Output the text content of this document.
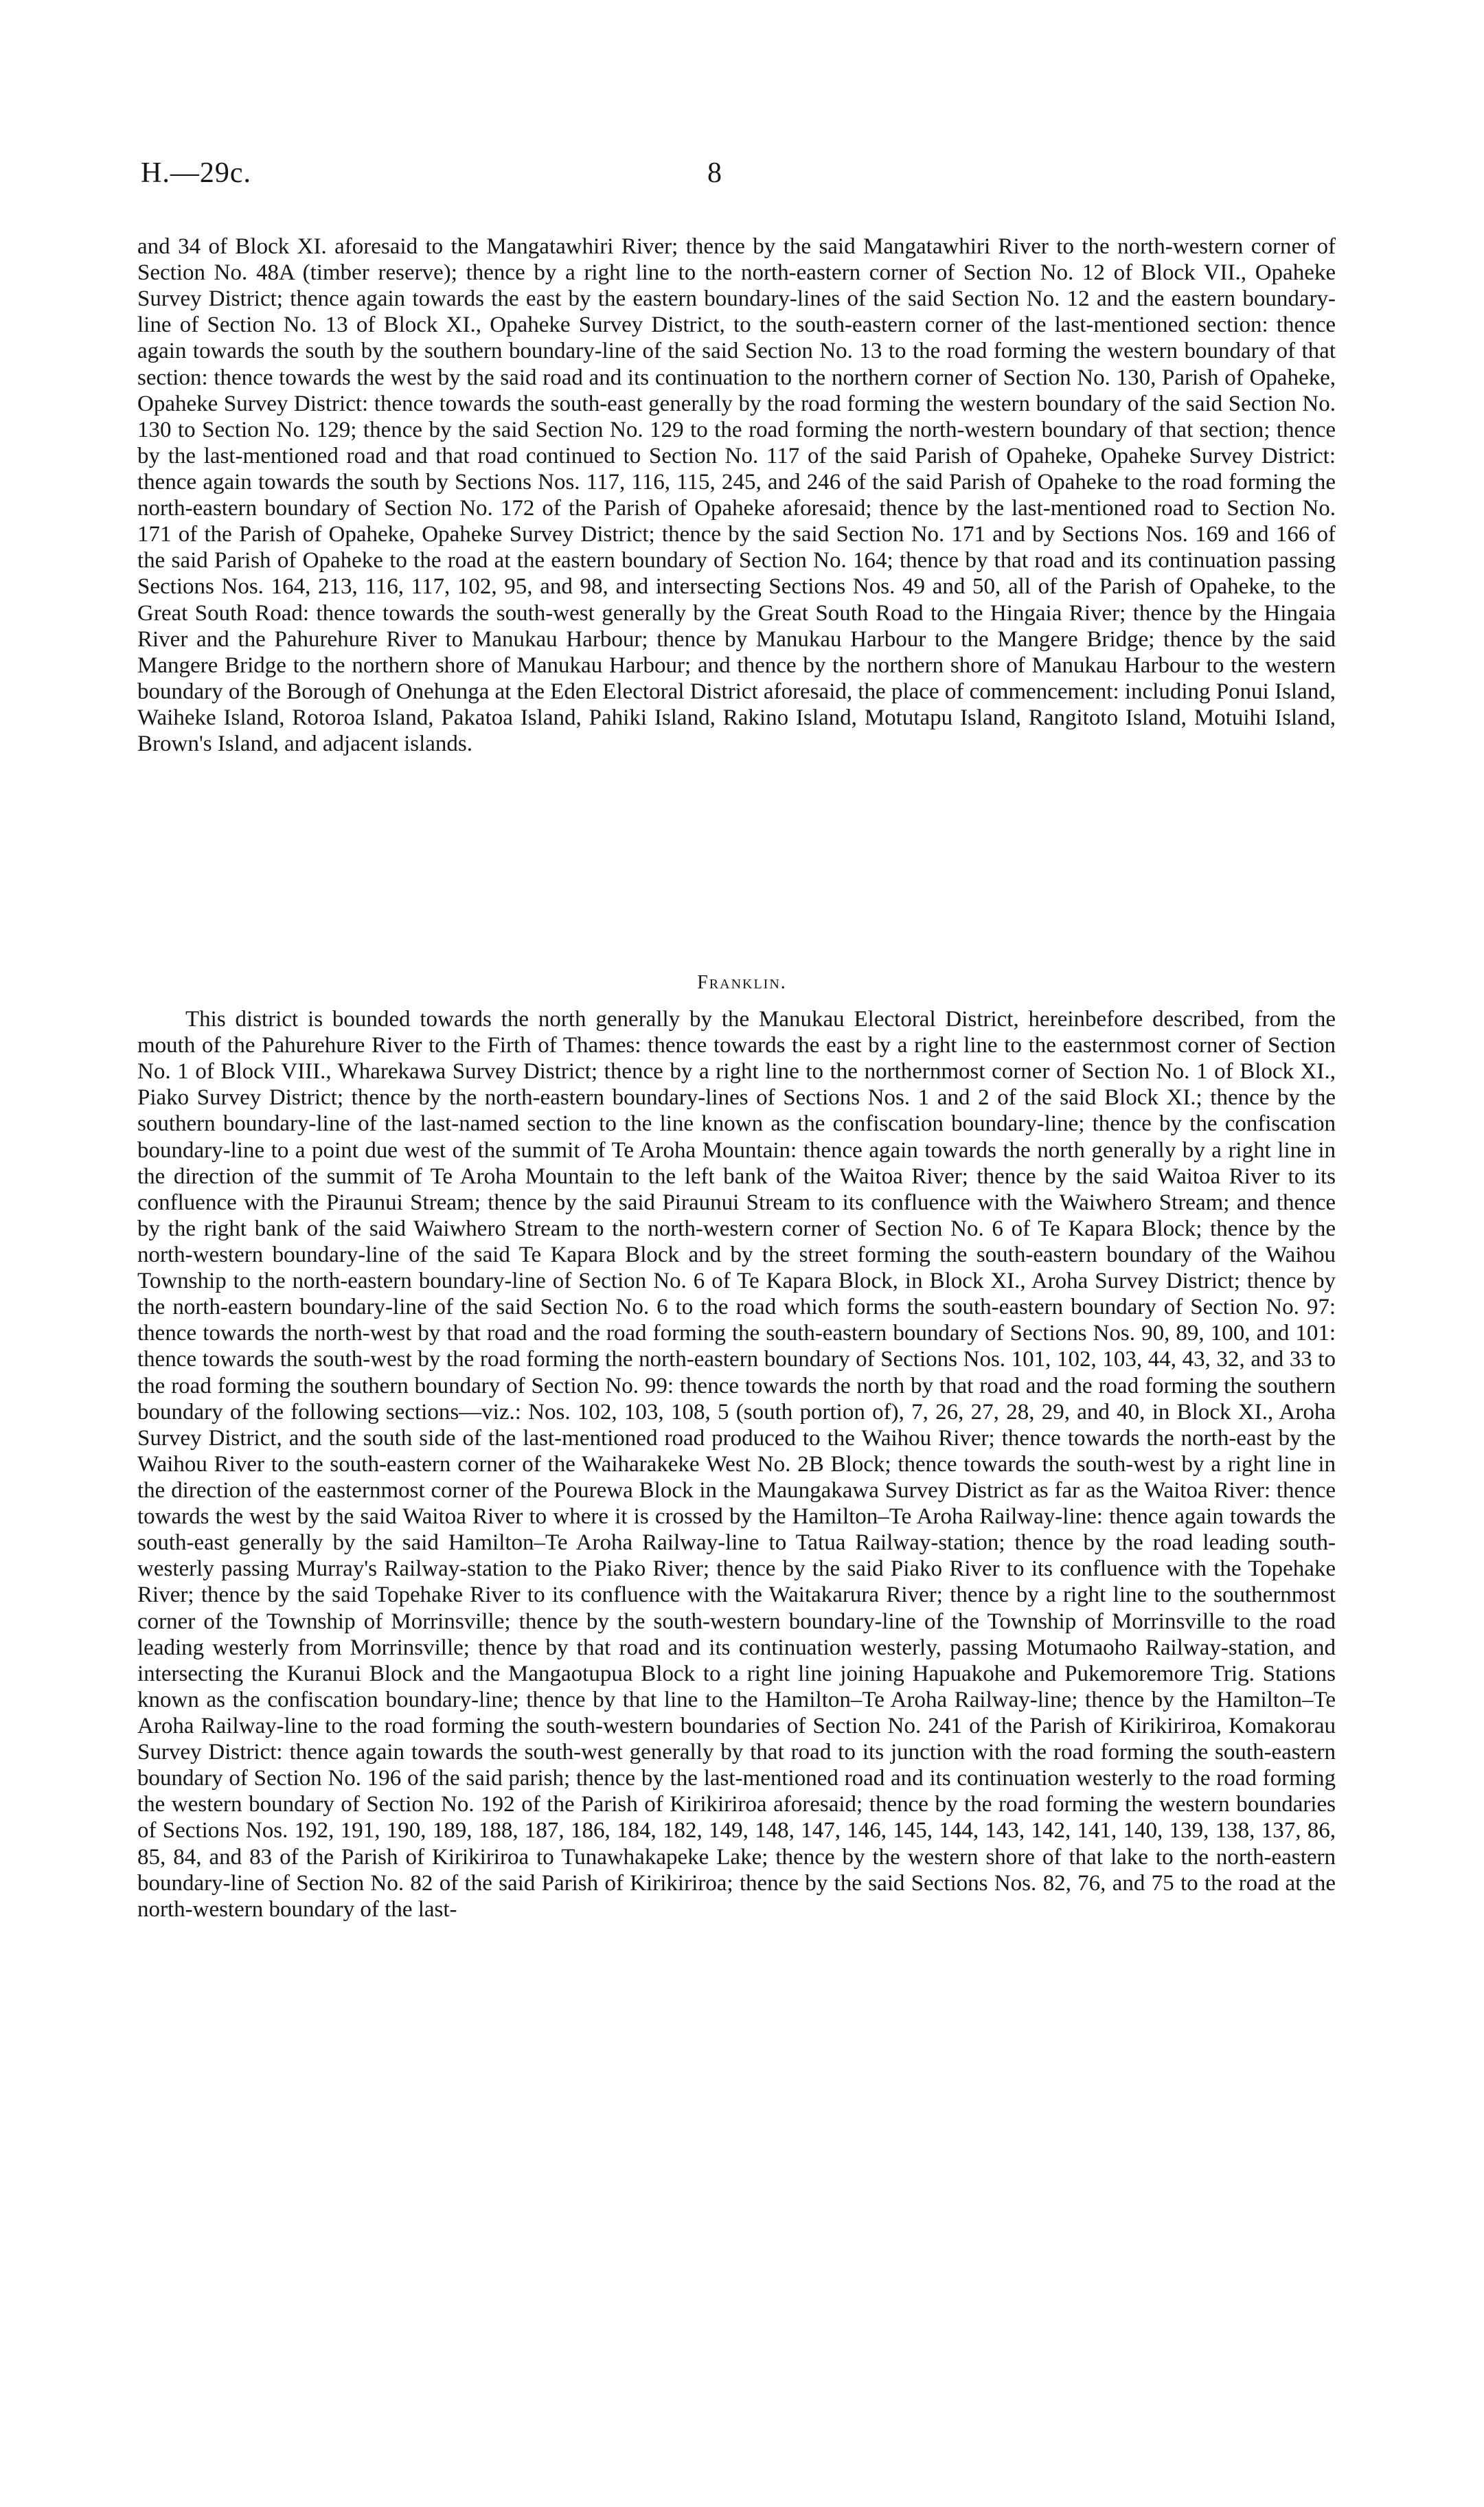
H.—29c.	8
and 34 of Block XI. aforesaid to the Mangatawhiri River; thence by the said Mangatawhiri River to the north-western corner of Section No. 48A (timber reserve); thence by a right line to the north-eastern corner of Section No. 12 of Block VII., Opaheke Survey District; thence again towards the east by the eastern boundary-lines of the said Section No. 12 and the eastern boundary-line of Section No. 13 of Block XI., Opaheke Survey District, to the south-eastern corner of the last-mentioned section: thence again towards the south by the southern boundary-line of the said Section No. 13 to the road forming the western boundary of that section: thence towards the west by the said road and its continuation to the northern corner of Section No. 130, Parish of Opaheke, Opaheke Survey District: thence towards the south-east generally by the road forming the western boundary of the said Section No. 130 to Section No. 129; thence by the said Section No. 129 to the road forming the north-western boundary of that section; thence by the last-mentioned road and that road continued to Section No. 117 of the said Parish of Opaheke, Opaheke Survey District: thence again towards the south by Sections Nos. 117, 116, 115, 245, and 246 of the said Parish of Opaheke to the road forming the north-eastern boundary of Section No. 172 of the Parish of Opaheke aforesaid; thence by the last-mentioned road to Section No. 171 of the Parish of Opaheke, Opaheke Survey District; thence by the said Section No. 171 and by Sections Nos. 169 and 166 of the said Parish of Opaheke to the road at the eastern boundary of Section No. 164; thence by that road and its continuation passing Sections Nos. 164, 213, 116, 117, 102, 95, and 98, and intersecting Sections Nos. 49 and 50, all of the Parish of Opaheke, to the Great South Road: thence towards the south-west generally by the Great South Road to the Hingaia River; thence by the Hingaia River and the Pahurehure River to Manukau Harbour; thence by Manukau Harbour to the Mangere Bridge; thence by the said Mangere Bridge to the northern shore of Manukau Harbour; and thence by the northern shore of Manukau Harbour to the western boundary of the Borough of Onehunga at the Eden Electoral District aforesaid, the place of commencement: including Ponui Island, Waiheke Island, Rotoroa Island, Pakatoa Island, Pahiki Island, Rakino Island, Motutapu Island, Rangitoto Island, Motuihi Island, Brown's Island, and adjacent islands.
Franklin.
This district is bounded towards the north generally by the Manukau Electoral District, hereinbefore described, from the mouth of the Pahurehure River to the Firth of Thames: thence towards the east by a right line to the easternmost corner of Section No. 1 of Block VIII., Wharekawa Survey District; thence by a right line to the northernmost corner of Section No. 1 of Block XI., Piako Survey District; thence by the north-eastern boundary-lines of Sections Nos. 1 and 2 of the said Block XI.; thence by the southern boundary-line of the last-named section to the line known as the confiscation boundary-line; thence by the confiscation boundary-line to a point due west of the summit of Te Aroha Mountain: thence again towards the north generally by a right line in the direction of the summit of Te Aroha Mountain to the left bank of the Waitoa River; thence by the said Waitoa River to its confluence with the Piraunui Stream; thence by the said Piraunui Stream to its confluence with the Waiwhero Stream; and thence by the right bank of the said Waiwhero Stream to the north-western corner of Section No. 6 of Te Kapara Block; thence by the north-western boundary-line of the said Te Kapara Block and by the street forming the south-eastern boundary of the Waihou Township to the north-eastern boundary-line of Section No. 6 of Te Kapara Block, in Block XI., Aroha Survey District; thence by the north-eastern boundary-line of the said Section No. 6 to the road which forms the south-eastern boundary of Section No. 97: thence towards the north-west by that road and the road forming the south-eastern boundary of Sections Nos. 90, 89, 100, and 101: thence towards the south-west by the road forming the north-eastern boundary of Sections Nos. 101, 102, 103, 44, 43, 32, and 33 to the road forming the southern boundary of Section No. 99: thence towards the north by that road and the road forming the southern boundary of the following sections—viz.: Nos. 102, 103, 108, 5 (south portion of), 7, 26, 27, 28, 29, and 40, in Block XI., Aroha Survey District, and the south side of the last-mentioned road produced to the Waihou River; thence towards the north-east by the Waihou River to the south-eastern corner of the Waiharakeke West No. 2B Block; thence towards the south-west by a right line in the direction of the easternmost corner of the Pourewa Block in the Maungakawa Survey District as far as the Waitoa River: thence towards the west by the said Waitoa River to where it is crossed by the Hamilton–Te Aroha Railway-line: thence again towards the south-east generally by the said Hamilton–Te Aroha Railway-line to Tatua Railway-station; thence by the road leading south-westerly passing Murray's Railway-station to the Piako River; thence by the said Piako River to its confluence with the Topehake River; thence by the said Topehake River to its confluence with the Waitakarura River; thence by a right line to the southernmost corner of the Township of Morrinsville; thence by the south-western boundary-line of the Township of Morrinsville to the road leading westerly from Morrinsville; thence by that road and its continuation westerly, passing Motumaoho Railway-station, and intersecting the Kuranui Block and the Mangaotupua Block to a right line joining Hapuakohe and Pukemoremore Trig. Stations known as the confiscation boundary-line; thence by that line to the Hamilton–Te Aroha Railway-line; thence by the Hamilton–Te Aroha Railway-line to the road forming the south-western boundaries of Section No. 241 of the Parish of Kirikiriroa, Komakorau Survey District: thence again towards the south-west generally by that road to its junction with the road forming the south-eastern boundary of Section No. 196 of the said parish; thence by the last-mentioned road and its continuation westerly to the road forming the western boundary of Section No. 192 of the Parish of Kirikiriroa aforesaid; thence by the road forming the western boundaries of Sections Nos. 192, 191, 190, 189, 188, 187, 186, 184, 182, 149, 148, 147, 146, 145, 144, 143, 142, 141, 140, 139, 138, 137, 86, 85, 84, and 83 of the Parish of Kirikiriroa to Tunawhakapeke Lake; thence by the western shore of that lake to the north-eastern boundary-line of Section No. 82 of the said Parish of Kirikiriroa; thence by the said Sections Nos. 82, 76, and 75 to the road at the north-western boundary of the last-
